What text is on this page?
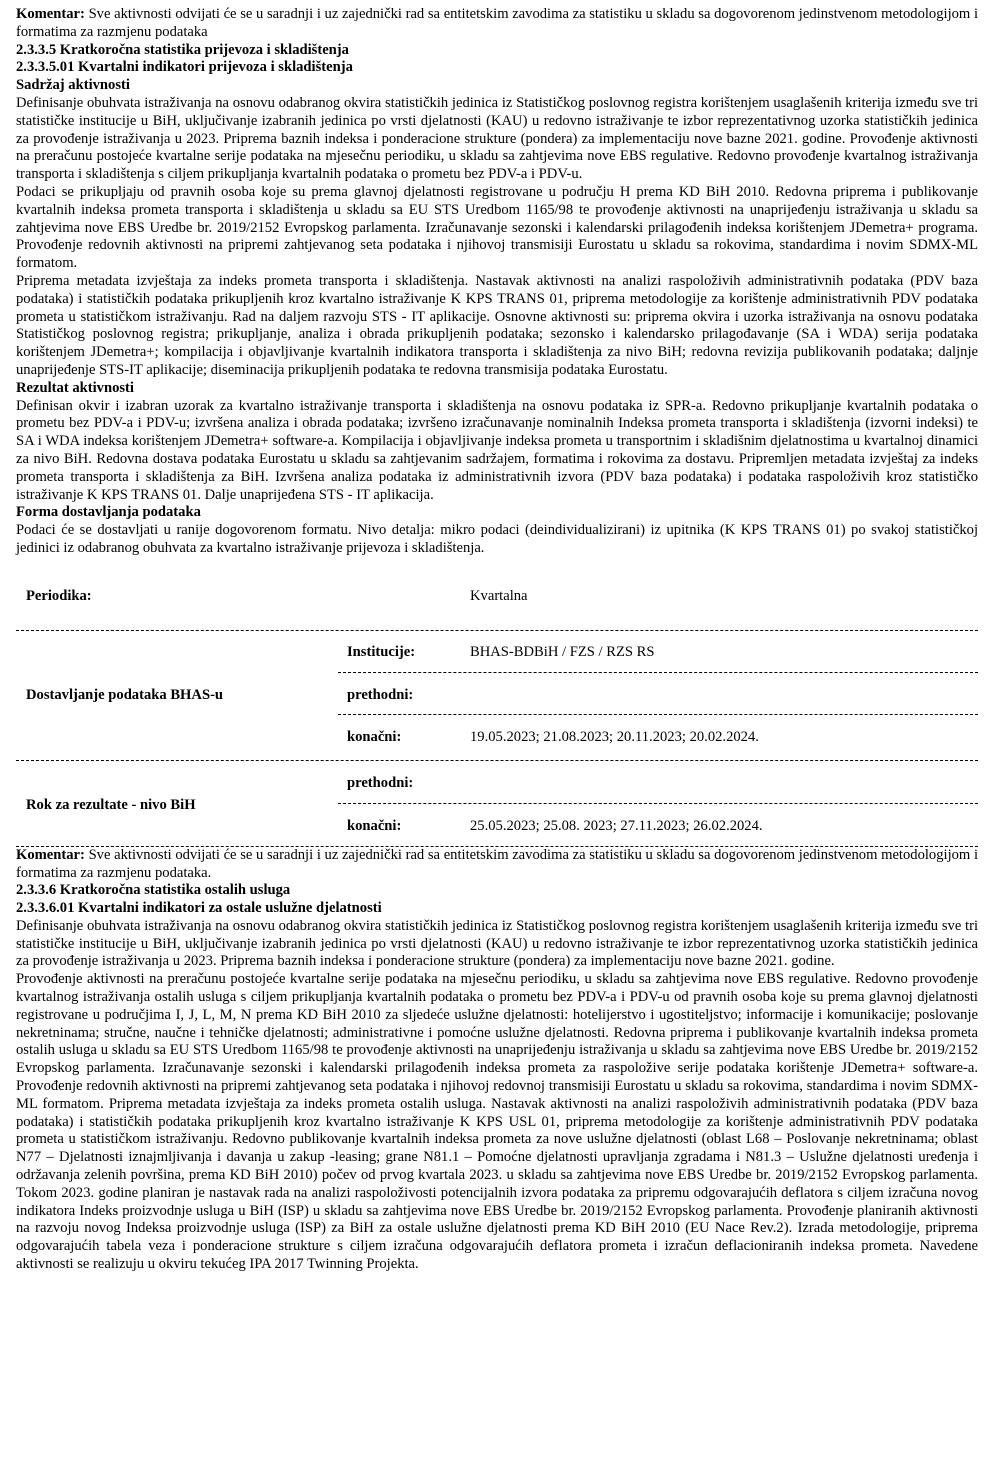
Komentar: Sve aktivnosti odvijati će se u saradnji i uz zajednički rad sa entitetskim zavodima za statistiku u skladu sa dogovorenom jedinstvenom metodologijom i formatima za razmjenu podataka

2.3.3.5 Kratkoročna statistika prijevoza i skladištenja
2.3.3.5.01 Kvartalni indikatori prijevoza i skladištenja
Sadržaj aktivnosti

Definisanje obuhvata istraživanja na osnovu odabranog okvira statističkih jedinica iz Statističkog poslovnog registra korištenjem usaglašenih kriterija između sve tri statističke institucije u BiH, uključivanje izabranih jedinica po vrsti djelatnosti (KAU) u redovno istraživanje te izbor reprezentativnog uzorka statističkih jedinica za provođenje istraživanja u 2023. Priprema baznih indeksa i ponderacione strukture (pondera) za implementaciju nove bazne 2021. godine. Provođenje aktivnosti na preračunu postojeće kvartalne serije podataka na mjesečnu periodiku, u skladu sa zahtjevima nove EBS regulative. Redovno provođenje kvartalnog istraživanja transporta i skladištenja s ciljem prikupljanja kvartalnih podataka o prometu bez PDV-a i PDV-u.

Podaci se prikupljaju od pravnih osoba koje su prema glavnoj djelatnosti registrovane u području H prema KD BiH 2010. Redovna priprema i publikovanje kvartalnih indeksa prometa transporta i skladištenja u skladu sa EU STS Uredbom 1165/98 te provođenje aktivnosti na unaprijeđenju istraživanja u skladu sa zahtjevima nove EBS Uredbe br. 2019/2152 Evropskog parlamenta. Izračunavanje sezonski i kalendarski prilagođenih indeksa korištenjem JDemetra+ programa. Provođenje redovnih aktivnosti na pripremi zahtjevanog seta podataka i njihovoj transmisiji Eurostatu u skladu sa rokovima, standardima i novim SDMX-ML formatom.

Priprema metadata izvještaja za indeks prometa transporta i skladištenja. Nastavak aktivnosti na analizi raspoloživih administrativnih podataka (PDV baza podataka) i statističkih podataka prikupljenih kroz kvartalno istraživanje K KPS TRANS 01, priprema metodologije za korištenje administrativnih PDV podataka prometa u statističkom istraživanju. Rad na daljem razvoju STS - IT aplikacije. Osnovne aktivnosti su: priprema okvira i uzorka istraživanja na osnovu podataka Statističkog poslovnog registra; prikupljanje, analiza i obrada prikupljenih podataka; sezonsko i kalendarsko prilagođavanje (SA i WDA) serija podataka korištenjem JDemetra+; kompilacija i objavljivanje kvartalnih indikatora transporta i skladištenja za nivo BiH; redovna revizija publikovanih podataka; daljnje unaprijeđenje STS-IT aplikacije; diseminacija prikupljenih podataka te redovna transmisija podataka Eurostatu.

Rezultat aktivnosti

Definisan okvir i izabran uzorak za kvartalno istraživanje transporta i skladištenja na osnovu podataka iz SPR-a. Redovno prikupljanje kvartalnih podataka o prometu bez PDV-a i PDV-u; izvršena analiza i obrada podataka; izvršeno izračunavanje nominalnih Indeksa prometa transporta i skladištenja (izvorni indeksi) te SA i WDA indeksa korištenjem JDemetra+ software-a. Kompilacija i objavljivanje indeksa prometa u transportnim i skladišnim djelatnostima u kvartalnoj dinamici za nivo BiH. Redovna dostava podataka Eurostatu u skladu sa zahtjevanim sadržajem, formatima i rokovima za dostavu. Pripremljen metadata izvještaj za indeks prometa transporta i skladištenja za BiH. Izvršena analiza podataka iz administrativnih izvora (PDV baza podataka) i podataka raspoloživih kroz statističko istraživanje K KPS TRANS 01. Dalje unaprijeđena STS - IT aplikacija.

Forma dostavljanja podataka

Podaci će se dostavljati u ranije dogovorenom formatu. Nivo detalja: mikro podaci (deindividualizirani) iz upitnika (K KPS TRANS 01) po svakoj statističkoj jedinici iz odabranog obuhvata za kvartalno istraživanje prijevoza i skladištenja.

Periodika:	Kvartalna
Dostavljanje podataka BHAS-u
Institucije:	BHAS-BDBiH / FZS / RZS RS
prethodni:
konačni:	19.05.2023; 21.08.2023; 20.11.2023; 20.02.2024.
Rok za rezultate - nivo BiH
prethodni:
konačni:	25.05.2023; 25.08. 2023; 27.11.2023; 26.02.2024.

Komentar: Sve aktivnosti odvijati će se u saradnji i uz zajednički rad sa entitetskim zavodima za statistiku u skladu sa dogovorenom jedinstvenom metodologijom i formatima za razmjenu podataka.

2.3.3.6 Kratkoročna statistika ostalih usluga
2.3.3.6.01 Kvartalni indikatori za ostale uslužne djelatnosti

Definisanje obuhvata istraživanja na osnovu odabranog okvira statističkih jedinica iz Statističkog poslovnog registra korištenjem usaglašenih kriterija između sve tri statističke institucije u BiH, uključivanje izabranih jedinica po vrsti djelatnosti (KAU) u redovno istraživanje te izbor reprezentativnog uzorka statističkih jedinica za provođenje istraživanja u 2023. Priprema baznih indeksa i ponderacione strukture (pondera) za implementaciju nove bazne 2021. godine.

Provođenje aktivnosti na preračunu postojeće kvartalne serije podataka na mjesečnu periodiku, u skladu sa zahtjevima nove EBS regulative. Redovno provođenje kvartalnog istraživanja ostalih usluga s ciljem prikupljanja kvartalnih podataka o prometu bez PDV-a i PDV-u od pravnih osoba koje su prema glavnoj djelatnosti registrovane u područjima I, J, L, M, N prema KD BiH 2010 za sljedeće uslužne djelatnosti: hotelijerstvo i ugostiteljstvo; informacije i komunikacije; poslovanje nekretninama; stručne, naučne i tehničke djelatnosti; administrativne i pomoćne uslužne djelatnosti. Redovna priprema i publikovanje kvartalnih indeksa prometa ostalih usluga u skladu sa EU STS Uredbom 1165/98 te provođenje aktivnosti na unaprijeđenju istraživanja u skladu sa zahtjevima nove EBS Uredbe br. 2019/2152 Evropskog parlamenta. Izračunavanje sezonski i kalendarski prilagođenih indeksa prometa za raspoložive serije podataka korištenje JDemetra+ software-a. Provođenje redovnih aktivnosti na pripremi zahtjevanog seta podataka i njihovoj redovnoj transmisiji Eurostatu u skladu sa rokovima, standardima i novim SDMX-ML formatom. Priprema metadata izvještaja za indeks prometa ostalih usluga. Nastavak aktivnosti na analizi raspoloživih administrativnih podataka (PDV baza podataka) i statističkih podataka prikupljenih kroz kvartalno istraživanje K KPS USL 01, priprema metodologije za korištenje administrativnih PDV podataka prometa u statističkom istraživanju. Redovno publikovanje kvartalnih indeksa prometa za nove uslužne djelatnosti (oblast L68 – Poslovanje nekretninama; oblast N77 – Djelatnosti iznajmljivanja i davanja u zakup -leasing; grane N81.1 – Pomoćne djelatnosti upravljanja zgradama i N81.3 – Uslužne djelatnosti uređenja i održavanja zelenih površina, prema KD BiH 2010) počev od prvog kvartala 2023. u skladu sa zahtjevima nove EBS Uredbe br. 2019/2152 Evropskog parlamenta. Tokom 2023. godine planiran je nastavak rada na analizi raspoloživosti potencijalnih izvora podataka za pripremu odgovarajućih deflatora s ciljem izračuna novog indikatora Indeks proizvodnje usluga u BiH (ISP) u skladu sa zahtjevima nove EBS Uredbe br. 2019/2152 Evropskog parlamenta. Provođenje planiranih aktivnosti na razvoju novog Indeksa proizvodnje usluga (ISP) za BiH za ostale uslužne djelatnosti prema KD BiH 2010 (EU Nace Rev.2). Izrada metodologije, priprema odgovarajućih tabela veza i ponderacione strukture s ciljem izračuna odgovarajućih deflatora prometa i izračun deflacioniranih indeksa prometa. Navedene aktivnosti se realizuju u okviru tekućeg IPA 2017 Twinning Projekta.
